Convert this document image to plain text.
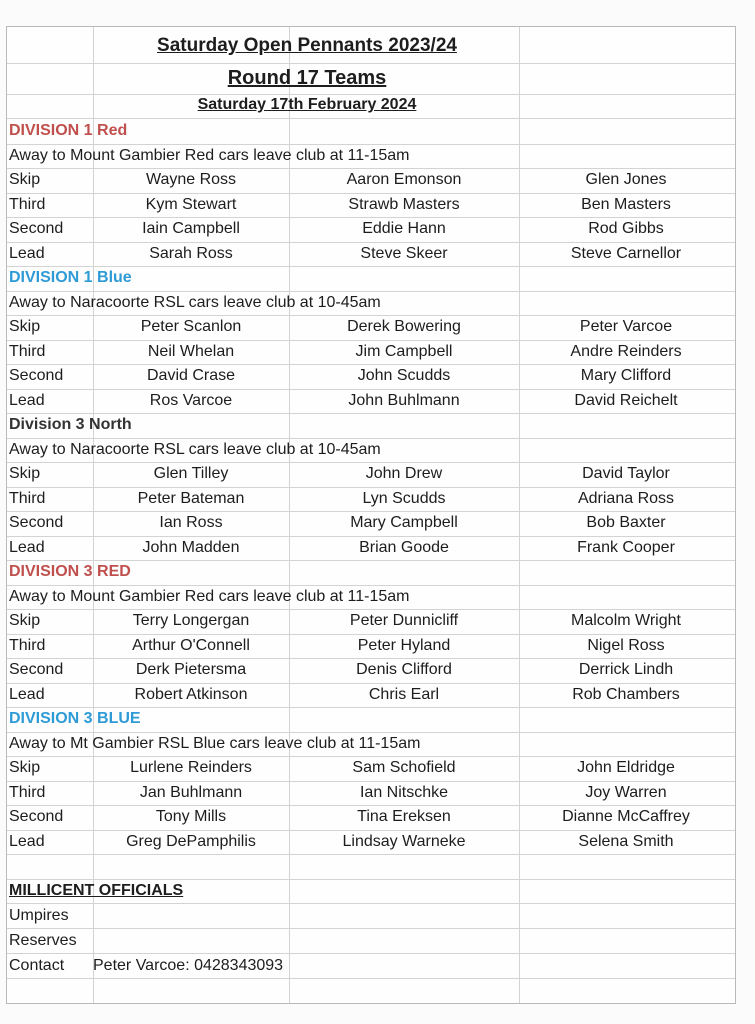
Saturday Open Pennants 2023/24
Round 17 Teams
Saturday 17th February 2024
DIVISION 1 Red
Away to Mount Gambier Red cars leave club at 11-15am
Skip	Wayne Ross	Aaron Emonson	Glen Jones
Third	Kym Stewart	Strawb Masters	Ben Masters
Second	Iain Campbell	Eddie Hann	Rod Gibbs
Lead	Sarah Ross	Steve Skeer	Steve Carnellor
DIVISION 1 Blue
Away to Naracoorte RSL cars leave club at 10-45am
Skip	Peter Scanlon	Derek Bowering	Peter Varcoe
Third	Neil Whelan	Jim Campbell	Andre Reinders
Second	David Crase	John Scudds	Mary Clifford
Lead	Ros Varcoe	John Buhlmann	David Reichelt
Division 3 North
Away to Naracoorte RSL cars leave club at 10-45am
Skip	Glen Tilley	John Drew	David Taylor
Third	Peter Bateman	Lyn Scudds	Adriana Ross
Second	Ian Ross	Mary Campbell	Bob Baxter
Lead	John Madden	Brian Goode	Frank Cooper
DIVISION 3 RED
Away to Mount Gambier Red cars leave club at 11-15am
Skip	Terry Longergan	Peter Dunnicliff	Malcolm Wright
Third	Arthur O'Connell	Peter Hyland	Nigel Ross
Second	Derk Pietersma	Denis Clifford	Derrick Lindh
Lead	Robert Atkinson	Chris Earl	Rob Chambers
DIVISION 3 BLUE
Away to Mt Gambier RSL Blue cars leave club at 11-15am
Skip	Lurlene Reinders	Sam Schofield	John Eldridge
Third	Jan Buhlmann	Ian Nitschke	Joy Warren
Second	Tony Mills	Tina Ereksen	Dianne McCaffrey
Lead	Greg DePamphilis	Lindsay Warneke	Selena Smith
MILLICENT OFFICIALS
Umpires
Reserves
Contact	Peter Varcoe: 0428343093
